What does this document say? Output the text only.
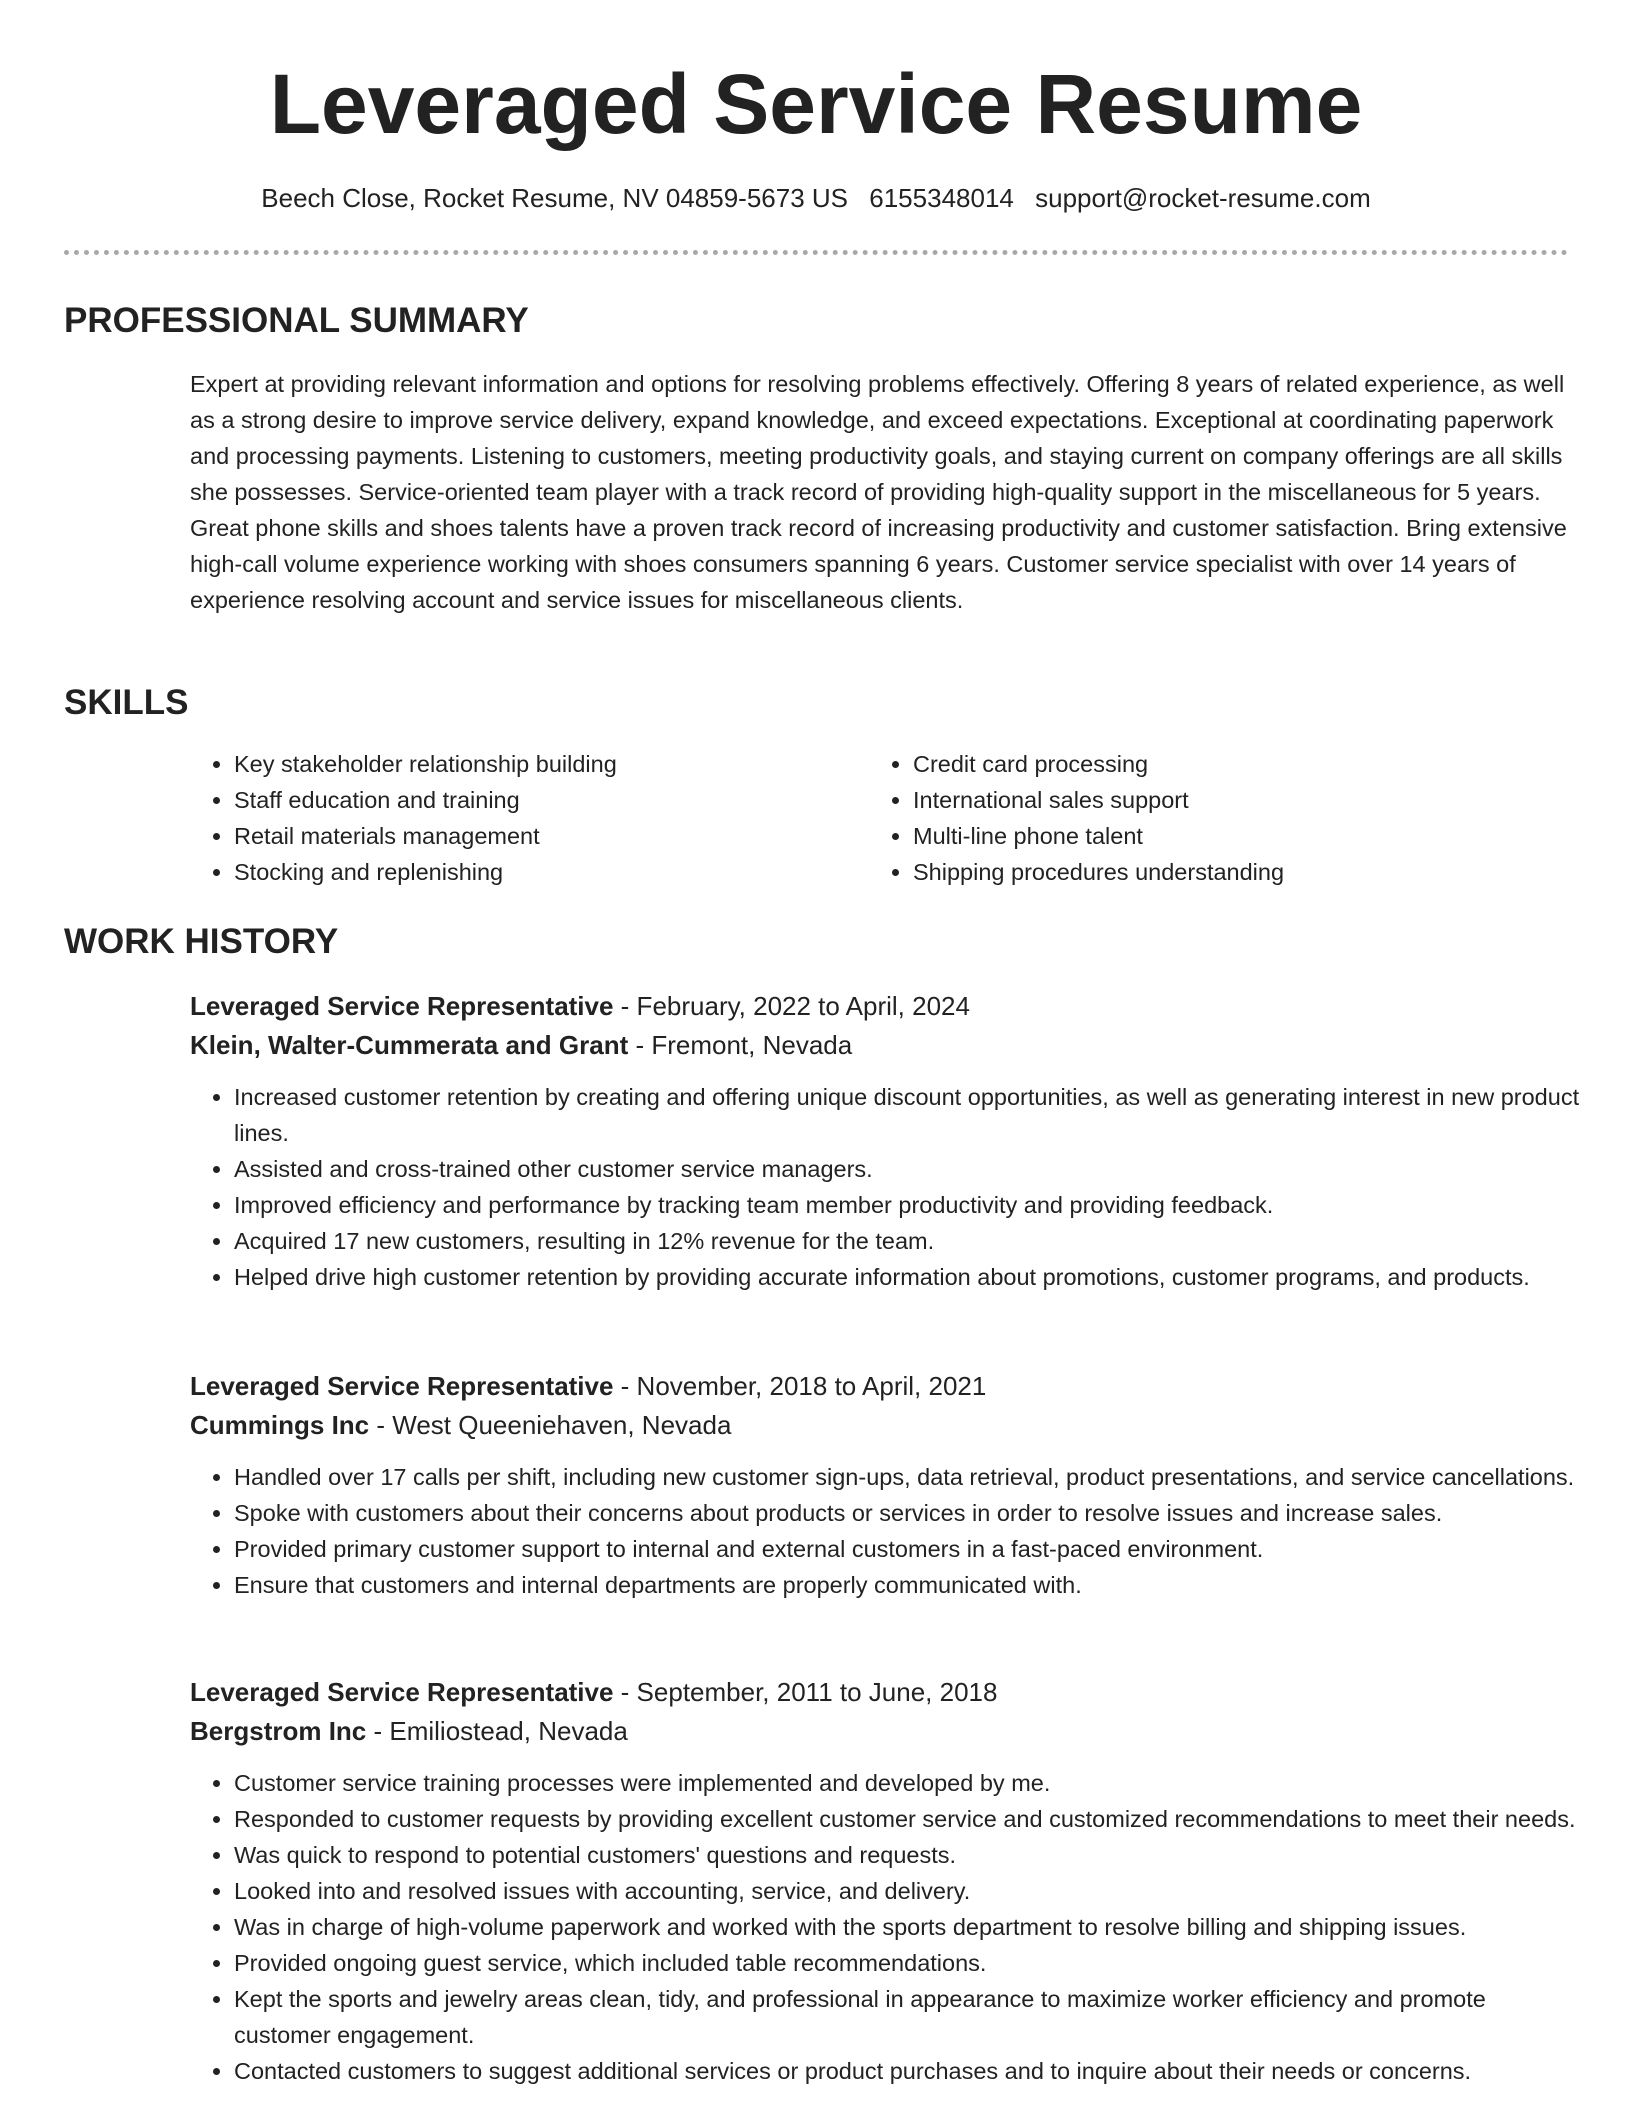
Leveraged Service Resume
Beech Close, Rocket Resume, NV 04859-5673 US 6155348014 support@rocket-resume.com
PROFESSIONAL SUMMARY

Expert at providing relevant information and options for resolving problems effectively. Offering 8 years of related experience, as well as a strong desire to improve service delivery, expand knowledge, and exceed expectations. Exceptional at coordinating paperwork and processing payments. Listening to customers, meeting productivity goals, and staying current on company offerings are all skills she possesses. Service-oriented team player with a track record of providing high-quality support in the miscellaneous for 5 years. Great phone skills and shoes talents have a proven track record of increasing productivity and customer satisfaction. Bring extensive high-call volume experience working with shoes consumers spanning 6 years. Customer service specialist with over 14 years of experience resolving account and service issues for miscellaneous clients.

SKILLS
• Key stakeholder relationship building
• Staff education and training
• Retail materials management
• Stocking and replenishing
• Credit card processing
• International sales support
• Multi-line phone talent
• Shipping procedures understanding
WORK HISTORY
Leveraged Service Representative - February, 2022 to April, 2024
Klein, Walter-Cummerata and Grant - Fremont, Nevada
• Increased customer retention by creating and offering unique discount opportunities, as well as generating interest in new product lines.
• Assisted and cross-trained other customer service managers.
• Improved efficiency and performance by tracking team member productivity and providing feedback.
• Acquired 17 new customers, resulting in 12% revenue for the team.
• Helped drive high customer retention by providing accurate information about promotions, customer programs, and products.
Leveraged Service Representative - November, 2018 to April, 2021
Cummings Inc - West Queeniehaven, Nevada
• Handled over 17 calls per shift, including new customer sign-ups, data retrieval, product presentations, and service cancellations.
• Spoke with customers about their concerns about products or services in order to resolve issues and increase sales.
• Provided primary customer support to internal and external customers in a fast-paced environment.
• Ensure that customers and internal departments are properly communicated with.
Leveraged Service Representative - September, 2011 to June, 2018
Bergstrom Inc - Emiliostead, Nevada
• Customer service training processes were implemented and developed by me.
• Responded to customer requests by providing excellent customer service and customized recommendations to meet their needs.
• Was quick to respond to potential customers' questions and requests.
• Looked into and resolved issues with accounting, service, and delivery.
• Was in charge of high-volume paperwork and worked with the sports department to resolve billing and shipping issues.
• Provided ongoing guest service, which included table recommendations.
• Kept the sports and jewelry areas clean, tidy, and professional in appearance to maximize worker efficiency and promote customer engagement.
• Contacted customers to suggest additional services or product purchases and to inquire about their needs or concerns.
